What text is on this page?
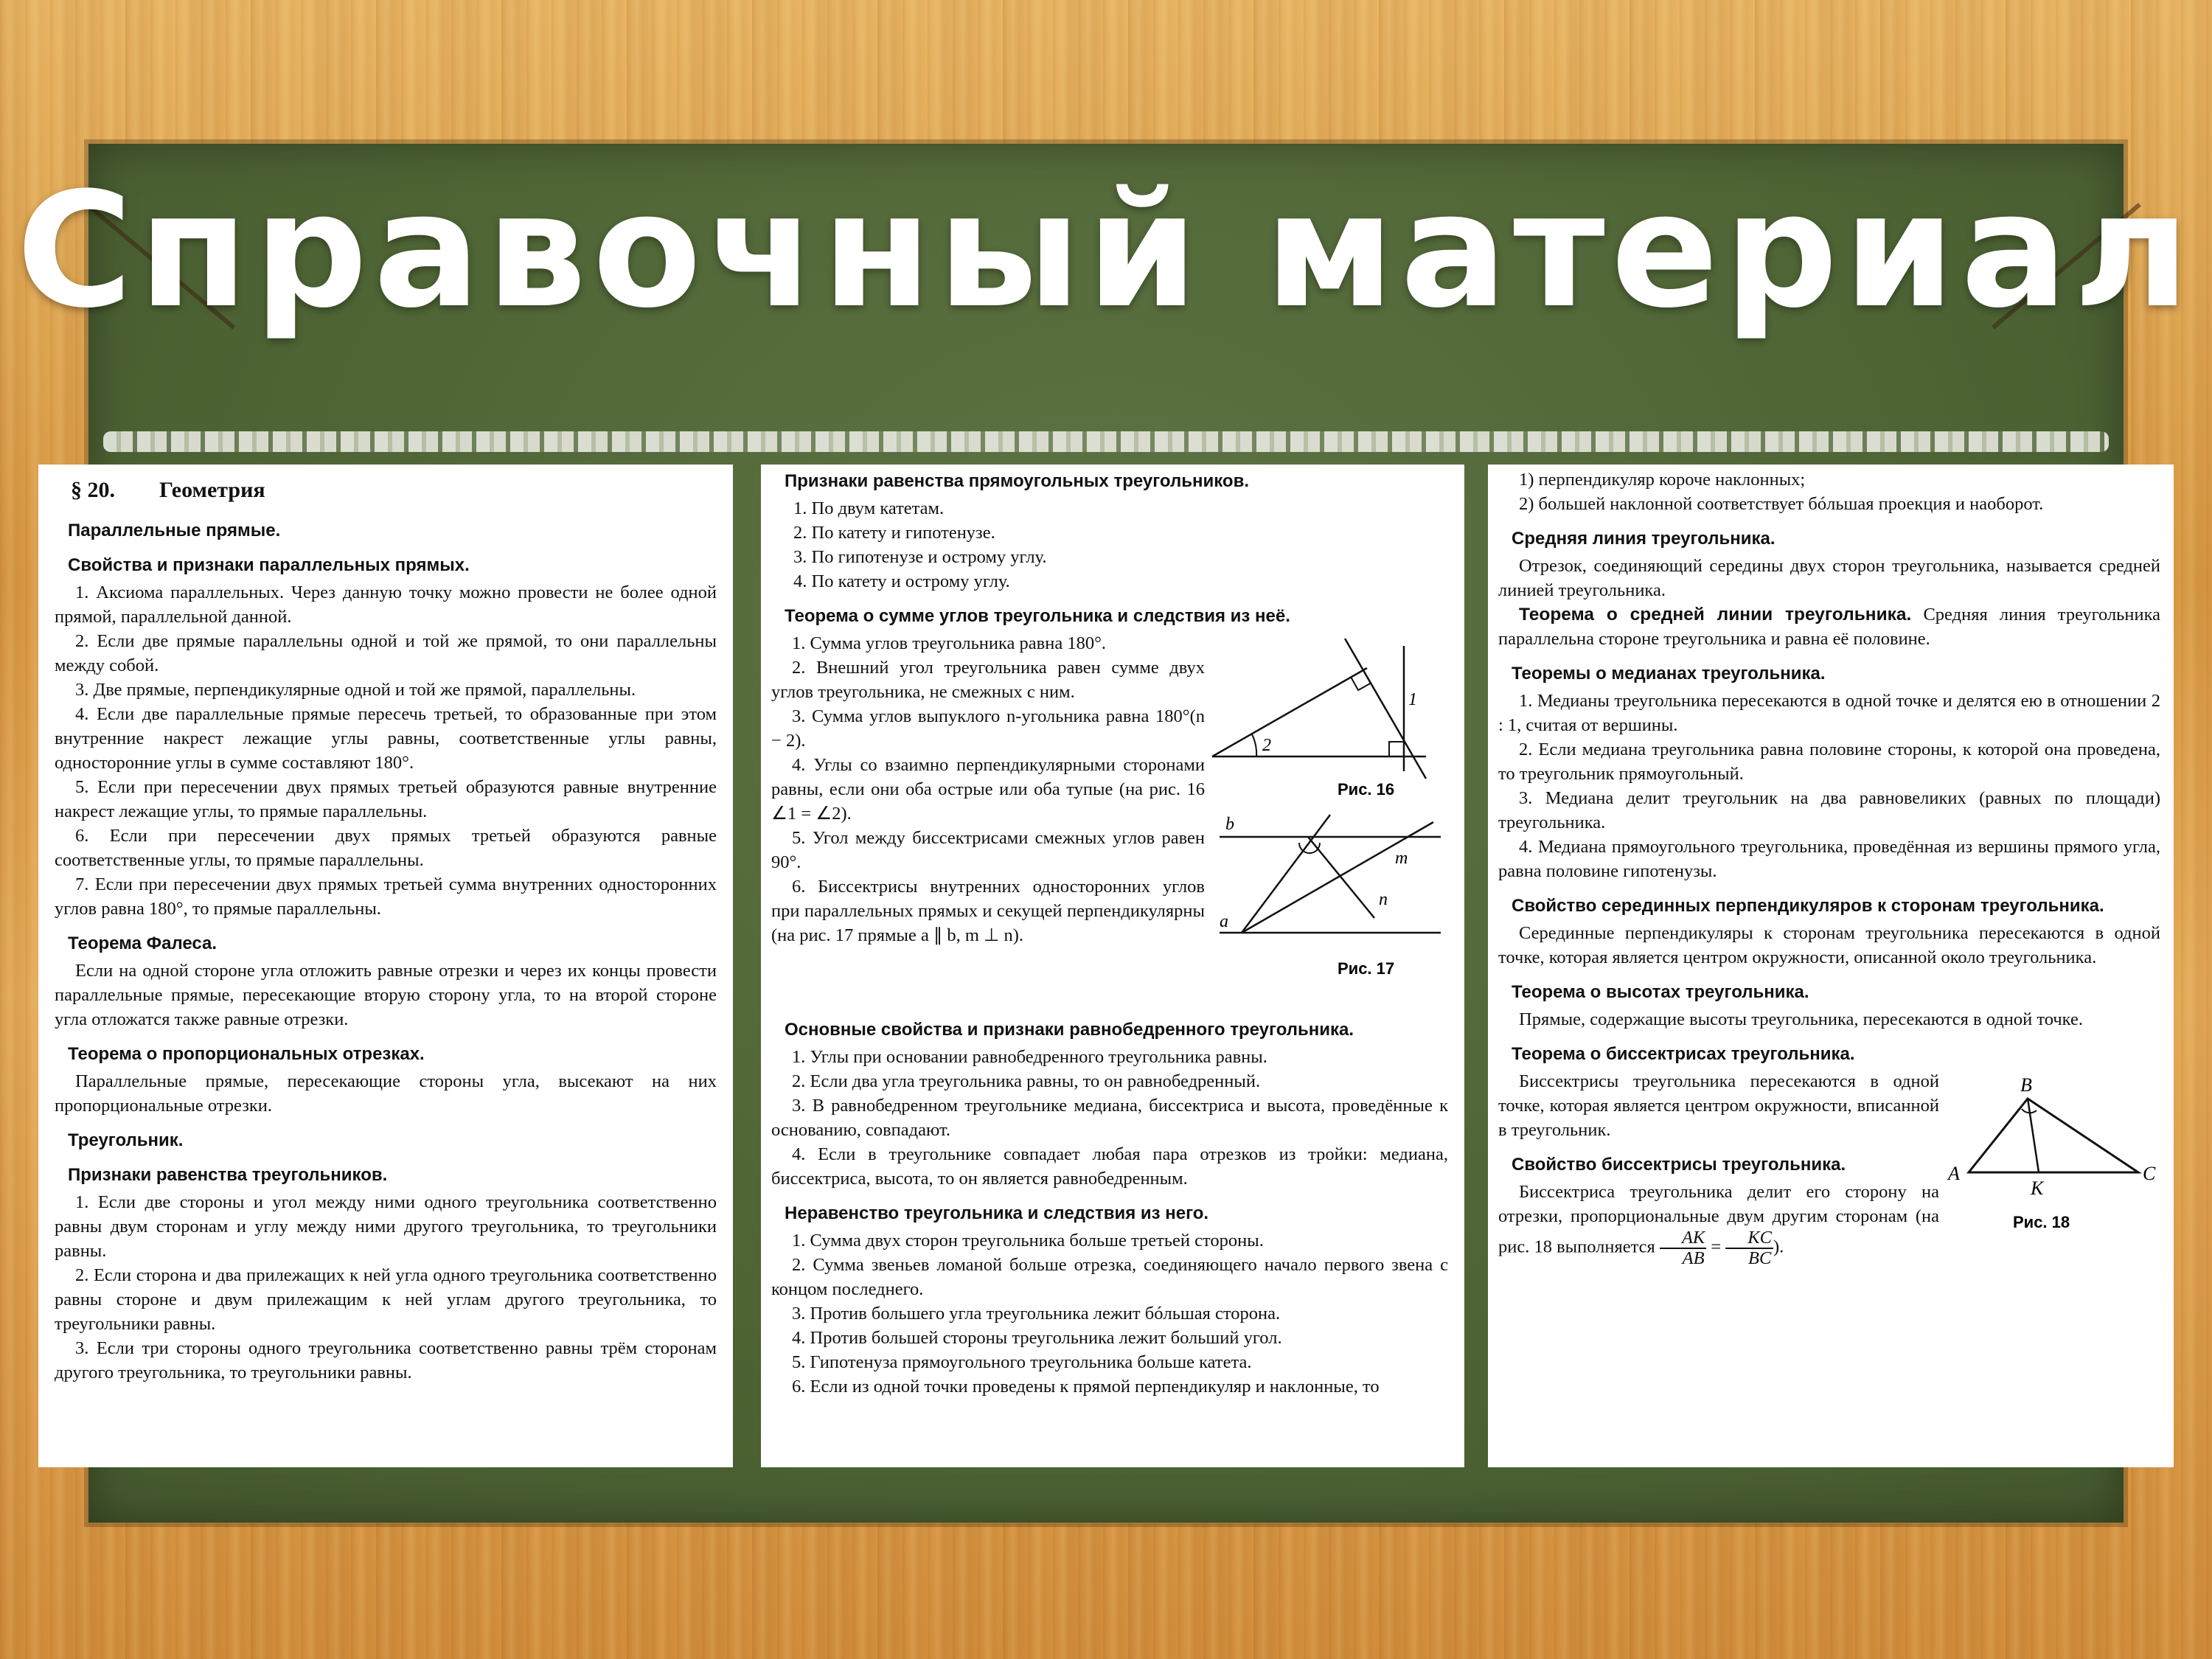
Справочный материал
§ 20. Геометрия
Параллельные прямые.
Свойства и признаки параллельных прямых.

1. Аксиома параллельных. Через данную точку можно провести не более одной прямой, параллельной данной.

2. Если две прямые параллельны одной и той же прямой, то они параллельны между собой.

3. Две прямые, перпендикулярные одной и той же прямой, параллельны.

4. Если две параллельные прямые пересечь третьей, то образованные при этом внутренние накрест лежащие углы равны, соответственные углы равны, односторонние углы в сумме составляют 180°.

5. Если при пересечении двух прямых третьей образуются равные внутренние накрест лежащие углы, то прямые параллельны.

6. Если при пересечении двух прямых третьей образуются равные соответственные углы, то прямые параллельны.

7. Если при пересечении двух прямых третьей сумма внутренних односторонних углов равна 180°, то прямые параллельны.

Теорема Фалеса.

Если на одной стороне угла отложить равные отрезки и через их концы провести параллельные прямые, пересекающие вторую сторону угла, то на второй стороне угла отложатся также равные отрезки.

Теорема о пропорциональных отрезках.

Параллельные прямые, пересекающие стороны угла, высекают на них пропорциональные отрезки.

Треугольник.
Признаки равенства треугольников.

1. Если две стороны и угол между ними одного треугольника соответственно равны двум сторонам и углу между ними другого треугольника, то треугольники равны.

2. Если сторона и два прилежащих к ней угла одного треугольника соответственно равны стороне и двум прилежащим к ней углам другого треугольника, то треугольники равны.

3. Если три стороны одного треугольника соответственно равны трём сторонам другого треугольника, то треугольники равны.

Признаки равенства прямоугольных треугольников.

1. По двум катетам.

2. По катету и гипотенузе.

3. По гипотенузе и острому углу.

4. По катету и острому углу.

Теорема о сумме углов треугольника и следствия из неё.

1. Сумма углов треугольника равна 180°.

2. Внешний угол треугольника равен сумме двух углов треугольника, не смежных с ним.

3. Сумма углов выпуклого n-угольника равна 180°(n − 2).

4. Углы со взаимно перпендикулярными сторонами равны, если они оба острые или оба тупые (на рис. 16 ∠1 = ∠2).

5. Угол между биссектрисами смежных углов равен 90°.

6. Биссектрисы внутренних односторонних углов при параллельных прямых и секущей перпендикулярны (на рис. 17 прямые a ∥ b, m ⊥ n).

2
1
Рис. 16

b
a
m
n
Рис. 17
Основные свойства и признаки равнобедренного треугольника.

1. Углы при основании равнобедренного треугольника равны.

2. Если два угла треугольника равны, то он равнобедренный.

3. В равнобедренном треугольнике медиана, биссектриса и высота, проведённые к основанию, совпадают.

4. Если в треугольнике совпадает любая пара отрезков из тройки: медиана, биссектриса, высота, то он является равнобедренным.

Неравенство треугольника и следствия из него.

1. Сумма двух сторон треугольника больше третьей стороны.

2. Сумма звеньев ломаной больше отрезка, соединяющего начало первого звена с концом последнего.

3. Против большего угла треугольника лежит бóльшая сторона.

4. Против большей стороны треугольника лежит больший угол.

5. Гипотенуза прямоугольного треугольника больше катета.

6. Если из одной точки проведены к прямой перпендикуляр и наклонные, то

1) перпендикуляр короче наклонных;

2) большей наклонной соответствует бóльшая проекция и наоборот.

Средняя линия треугольника.

Отрезок, соединяющий середины двух сторон треугольника, называется средней линией треугольника.

Теорема о средней линии треугольника. Средняя линия треугольника параллельна стороне треугольника и равна её половине.

Теоремы о медианах треугольника.

1. Медианы треугольника пересекаются в одной точке и делятся ею в отношении 2 : 1, считая от вершины.

2. Если медиана треугольника равна половине стороны, к которой она проведена, то треугольник прямоугольный.

3. Медиана делит треугольник на два равновеликих (равных по площади) треугольника.

4. Медиана прямоугольного треугольника, проведённая из вершины прямого угла, равна половине гипотенузы.

Свойство серединных перпендикуляров к сторонам треугольника.

Серединные перпендикуляры к сторонам треугольника пересекаются в одной точке, которая является центром окружности, описанной около треугольника.

Теорема о высотах треугольника.

Прямые, содержащие высоты треугольника, пересекаются в одной точке.

Теорема о биссектрисах треугольника.

Биссектрисы треугольника пересекаются в одной точке, которая является центром окружности, вписанной в треугольник.

Свойство биссектрисы треугольника.

Биссектриса треугольника делит его сторону на отрезки, пропорциональные двум другим сторонам (на рис. 18 выполняется $\frac{AK}{AB} = \frac{KC}{BC}$ ).

B
A
K
C
Рис. 18
